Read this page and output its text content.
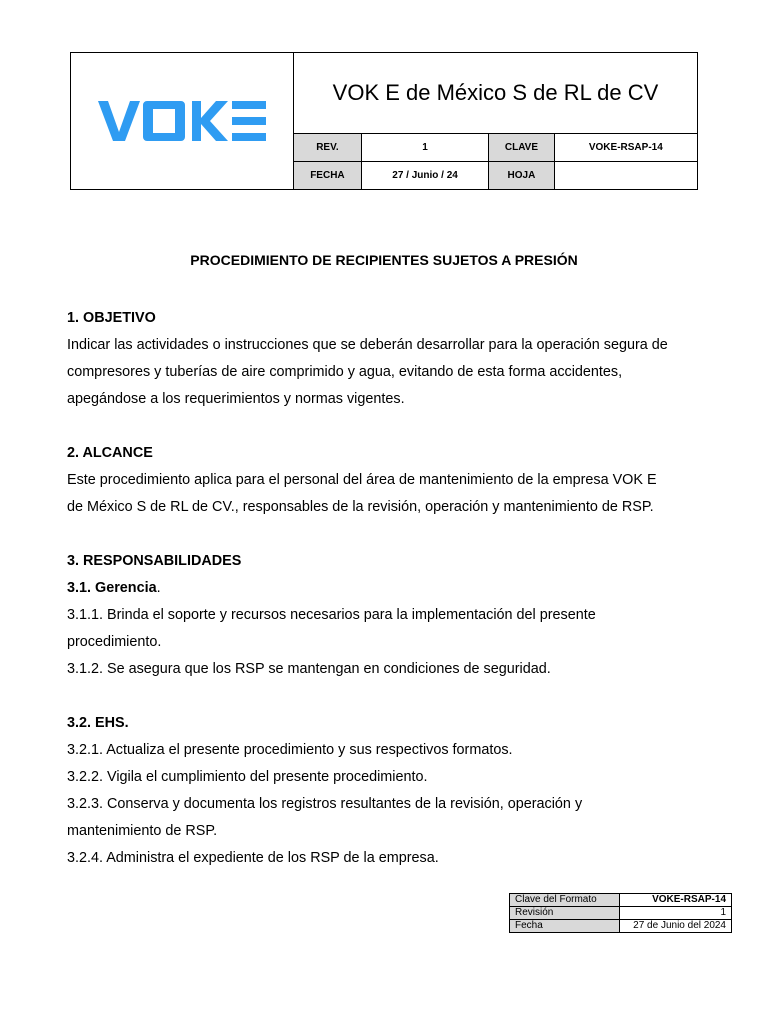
	VOK E de México S de RL de CV			
	REV.	1	CLAVE	VOKE-RSAP-14
	FECHA	27 / Junio / 24	HOJA	
PROCEDIMIENTO DE RECIPIENTES SUJETOS A PRESIÓN

1. OBJETIVO

Indicar las actividades o instrucciones que se deberán desarrollar para la operación segura de

compresores y tuberías de aire comprimido y agua, evitando de esta forma accidentes,

apegándose a los requerimientos y normas vigentes.

2. ALCANCE

Este procedimiento aplica para el personal del área de mantenimiento de la empresa VOK E

de México S de RL de CV., responsables de la revisión, operación y mantenimiento de RSP.

3. RESPONSABILIDADES

3.1. Gerencia.

3.1.1. Brinda el soporte y recursos necesarios para la implementación del presente

procedimiento.

3.1.2. Se asegura que los RSP se mantengan en condiciones de seguridad.

3.2. EHS.

3.2.1. Actualiza el presente procedimiento y sus respectivos formatos.

3.2.2. Vigila el cumplimiento del presente procedimiento.

3.2.3. Conserva y documenta los registros resultantes de la revisión, operación y

mantenimiento de RSP.

3.2.4. Administra el expediente de los RSP de la empresa.

Clave del Formato	VOKE-RSAP-14
Revisión	1
Fecha	27 de Junio del 2024
